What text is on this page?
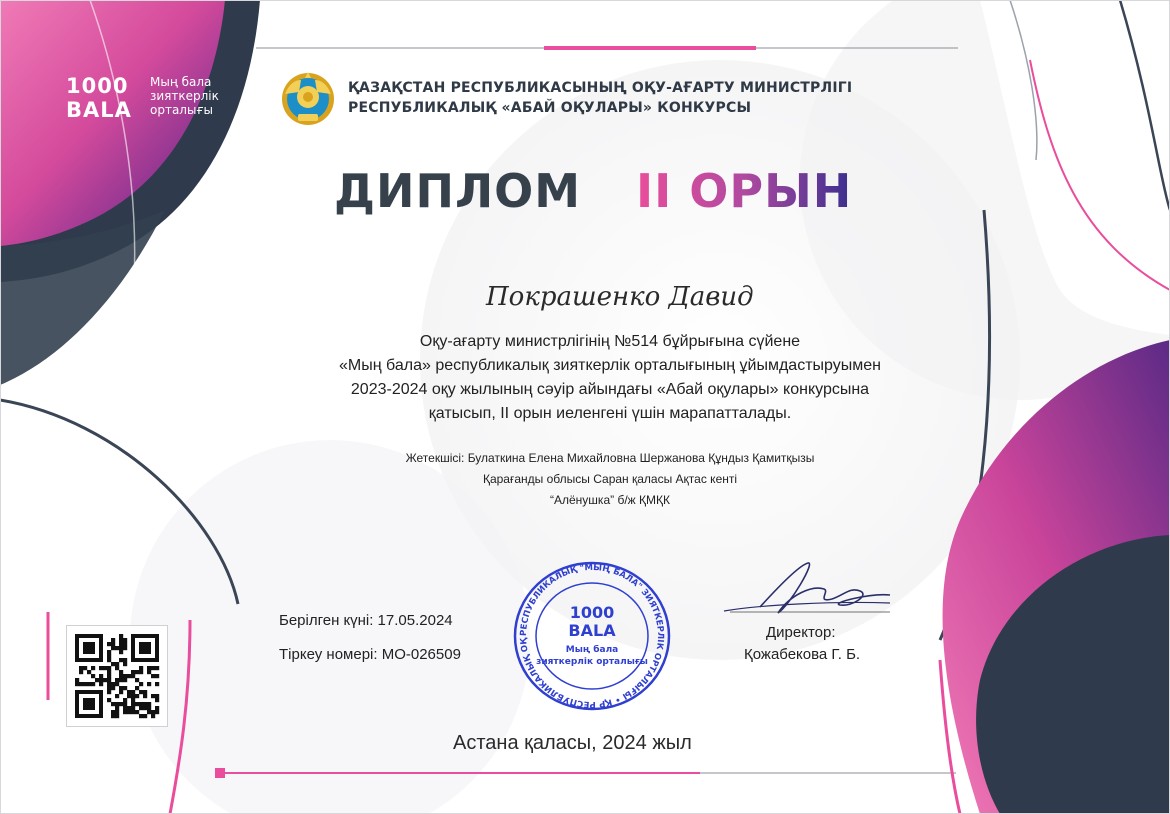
1000
BALA
Мың бала
зияткерлік
орталығы
ҚАЗАҚСТАН РЕСПУБЛИКАСЫНЫҢ ОҚУ-АҒАРТУ МИНИСТРЛІГІ
РЕСПУБЛИКАЛЫҚ «АБАЙ ОҚУЛАРЫ» КОНКУРСЫ
ДИПЛОМ II ОРЫН
Покрашенко Давид
Оқу-ағарту министрлігінің №514 бұйрығына сүйене
«Мың бала» республикалық зияткерлік орталығының ұйымдастыруымен
2023-2024 оқу жылының сәуір айындағы «Абай оқулары» конкурсына
қатысып, II орын иеленгені үшін марапатталады.
Жетекшісі: Булаткина Елена Михайловна Шержанова Құндыз Қамитқызы
Қарағанды облысы Саран қаласы Ақтас кенті
“Алёнушка” б/ж ҚМҚК
Берілген күні: 17.05.2024
Тіркеу номері: МО-026509
РЕСПУБЛИКАЛЫҚ "МЫҢ БАЛА" ЗИЯТКЕРЛІК ОРТАЛЫҒЫ • ҚР РЕСПУБЛИКАЛЫҚ ОҚ
1000
BALA
Мың бала
зияткерлік орталығы
Директор:
Қожабекова Г. Б.
Астана қаласы, 2024 жыл
